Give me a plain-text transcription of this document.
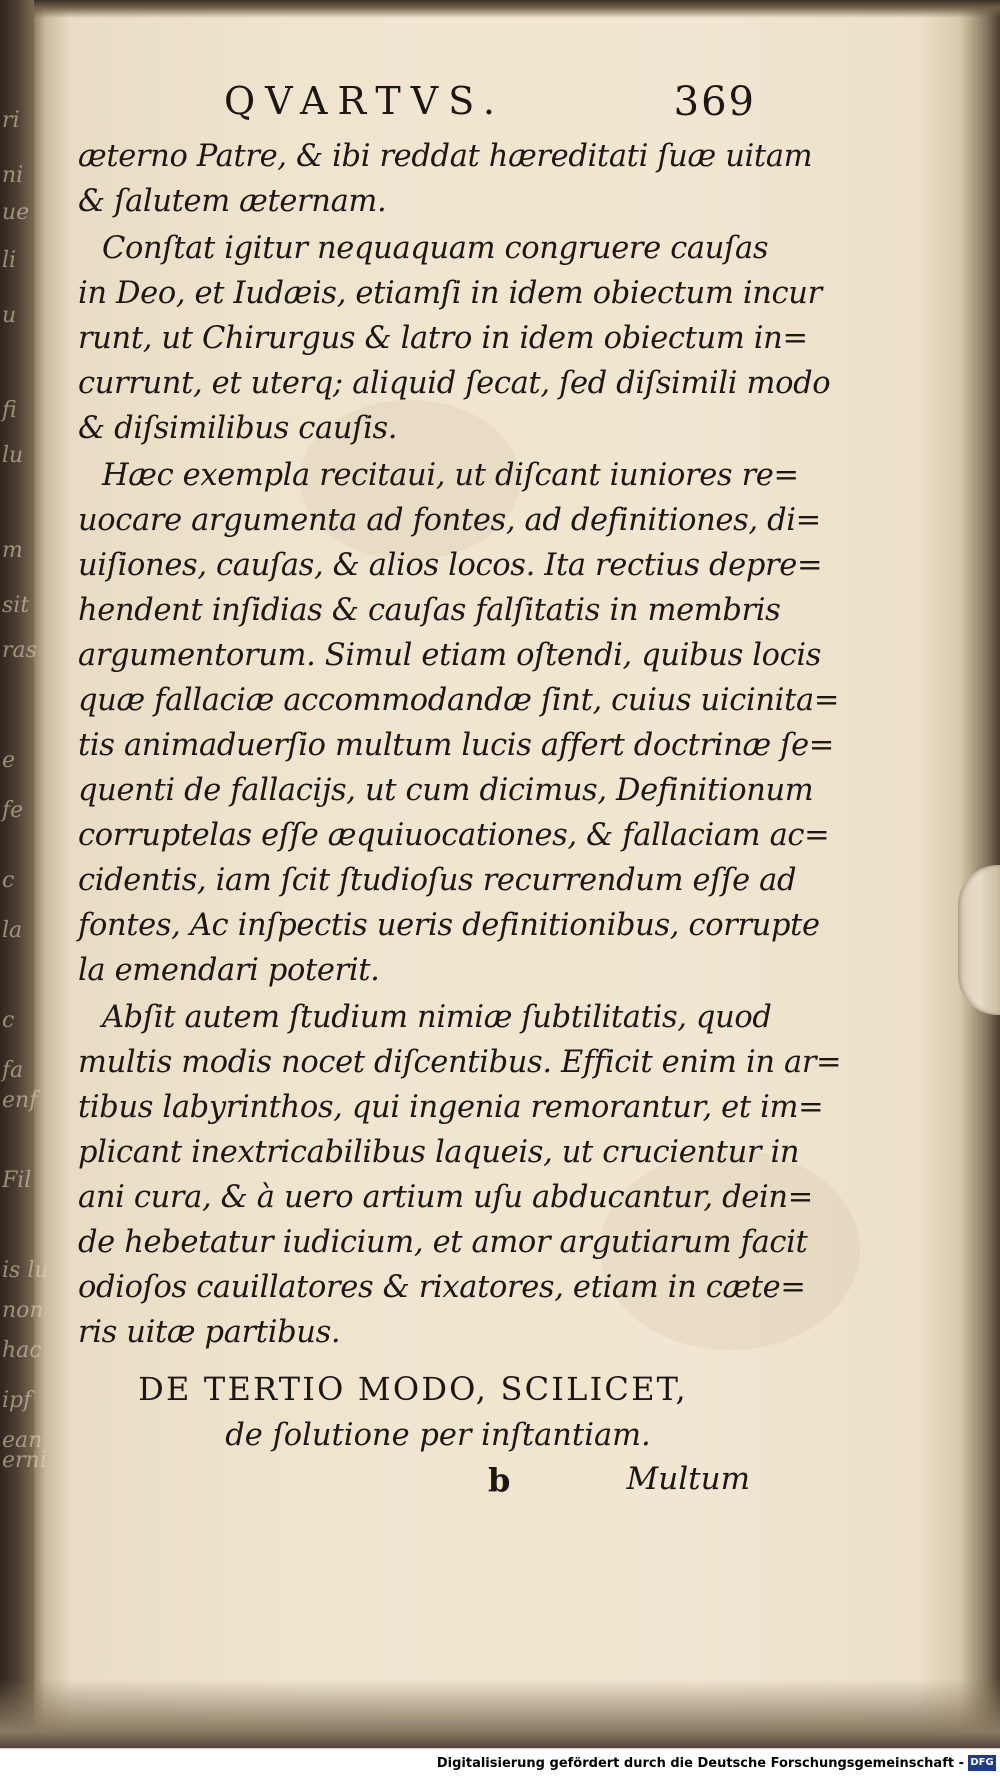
ri
ni
ue
li
u
fi
lu
m
sit
ras
e
fe
c
la
c
fa
enf
Fil
is lu
non
hac
ipf
ean
erni
QVARTVS.	369
æterno Patre, & ibi reddat hæreditati ſuæ uitam
& ſalutem æternam.
Conſtat igitur nequaquam congruere cauſas
in Deo, et Iudæis, etiamſi in idem obiectum incur
runt, ut Chirurgus & latro in idem obiectum in=
currunt, et uterq; aliquid ſecat, ſed diſsimili modo
& diſsimilibus cauſis.
Hæc exempla recitaui, ut diſcant iuniores re=
uocare argumenta ad fontes, ad definitiones, di=
uiſiones, cauſas, & alios locos. Ita rectius depre=
hendent inſidias & cauſas falſitatis in membris
argumentorum. Simul etiam oſtendi, quibus locis
quæ fallaciæ accommodandæ ſint, cuius uicinita=
tis animaduerſio multum lucis affert doctrinæ ſe=
quenti de fallacijs, ut cum dicimus, Definitionum
corruptelas eſſe æquiuocationes, & fallaciam ac=
cidentis, iam ſcit ſtudioſus recurrendum eſſe ad
fontes, Ac inſpectis ueris definitionibus, corrupte
la emendari poterit.
Abſit autem ſtudium nimiæ ſubtilitatis, quod
multis modis nocet diſcentibus. Efficit enim in ar=
tibus labyrinthos, qui ingenia remorantur, et im=
plicant inextricabilibus laqueis, ut crucientur in
ani cura, & à uero artium uſu abducantur, dein=
de hebetatur iudicium, et amor argutiarum facit
odioſos cauillatores & rixatores, etiam in cæte=
ris uitæ partibus.
DE TERTIO MODO, SCILICET,
de ſolutione per inſtantiam.
b	Multum
Digitalisierung gefördert durch die Deutsche Forschungsgemeinschaft - DFG
